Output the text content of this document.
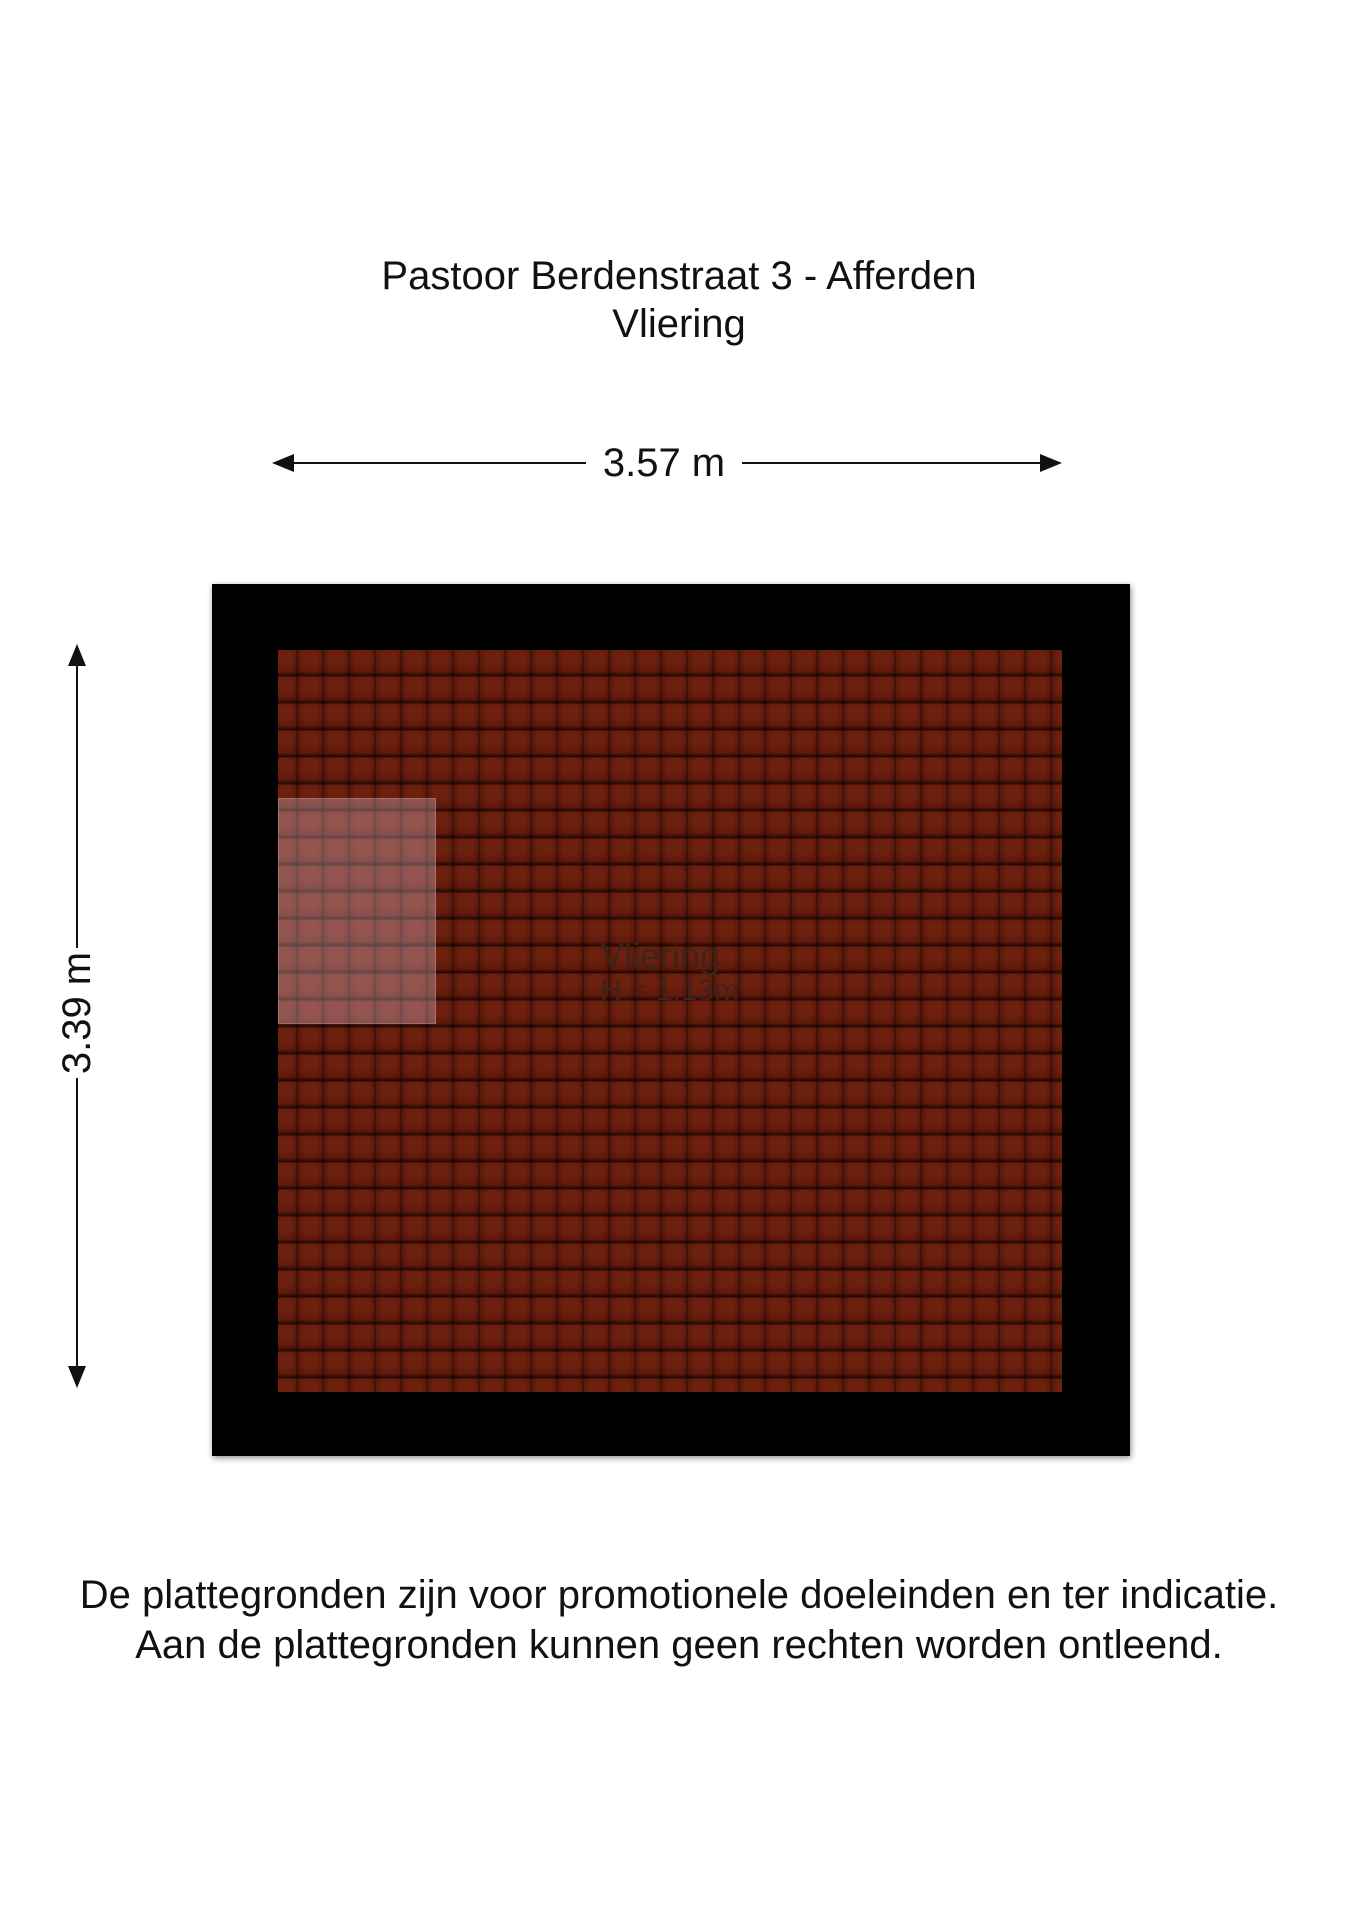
Pastoor Berdenstraat 3 - Afferden
Vliering
3.57 m
3.39 m	Vliering
H = 1.13m
De plattegronden zijn voor promotionele doeleinden en ter indicatie.
Aan de plattegronden kunnen geen rechten worden ontleend.
